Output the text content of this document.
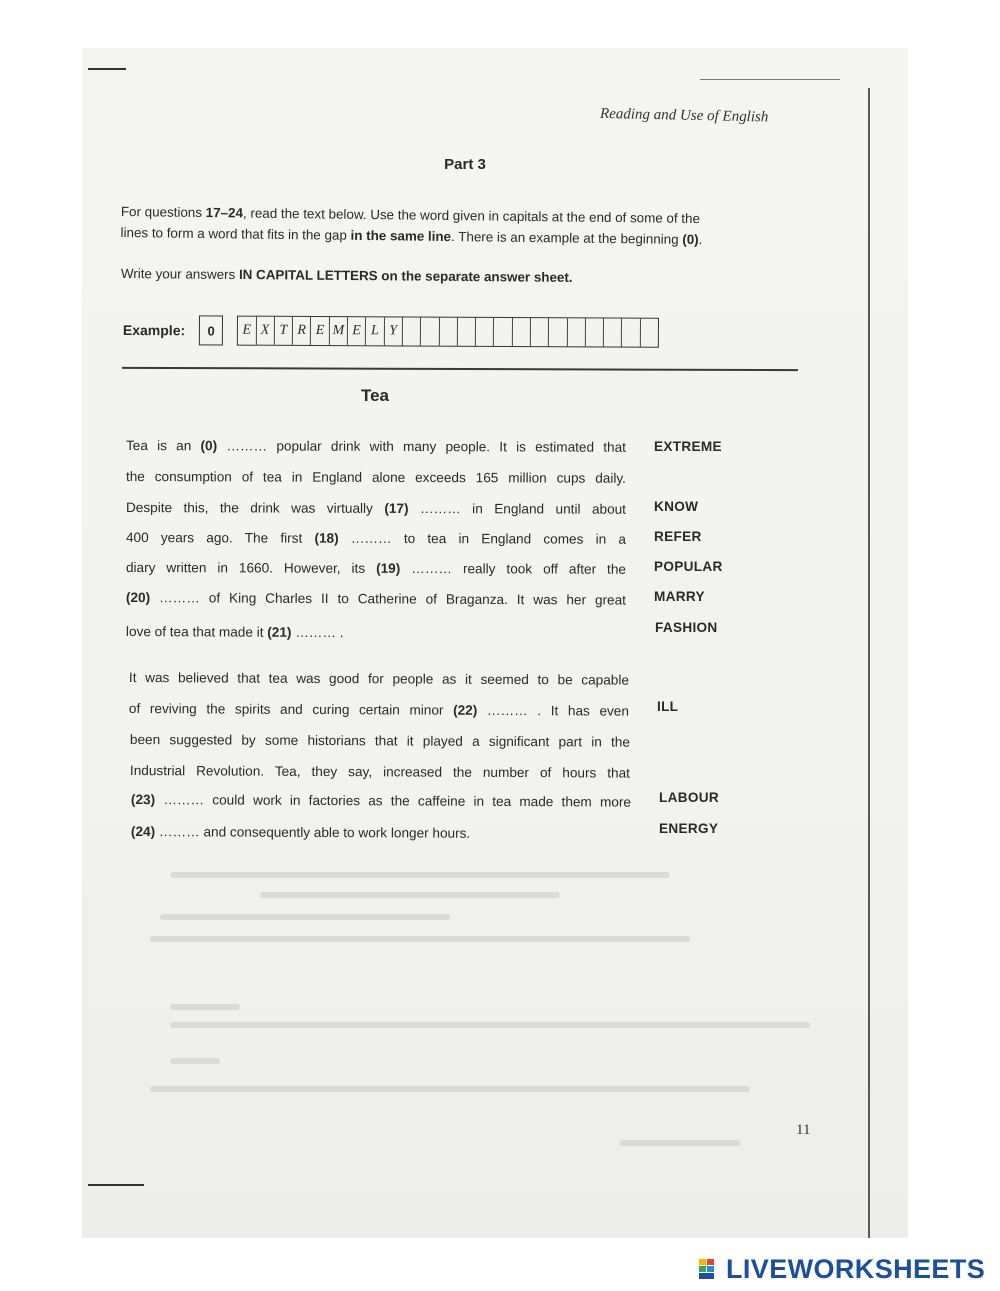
Reading and Use of English
Part 3
For questions 17–24, read the text below. Use the word given in capitals at the end of some of the
lines to form a word that fits in the gap in the same line. There is an example at the beginning (0).
Write your answers IN CAPITAL LETTERS on the separate answer sheet.
Example:	0	E X T R E M E L Y
Tea
Tea is an (0) ……… popular drink with many people. It is estimated that
the consumption of tea in England alone exceeds 165 million cups daily.
Despite this, the drink was virtually (17) ……… in England until about
400 years ago. The first (18) ……… to tea in England comes in a
diary written in 1660. However, its (19) ……… really took off after the
(20) ……… of King Charles II to Catherine of Braganza. It was her great
love of tea that made it (21) ……… .
It was believed that tea was good for people as it seemed to be capable
of reviving the spirits and curing certain minor (22) ……… . It has even
been suggested by some historians that it played a significant part in the
Industrial Revolution. Tea, they say, increased the number of hours that
(23) ……… could work in factories as the caffeine in tea made them more
(24) ……… and consequently able to work longer hours.
EXTREME
KNOW
REFER
POPULAR
MARRY
FASHION
ILL
LABOUR
ENERGY
11
LIVEWORKSHEETS
